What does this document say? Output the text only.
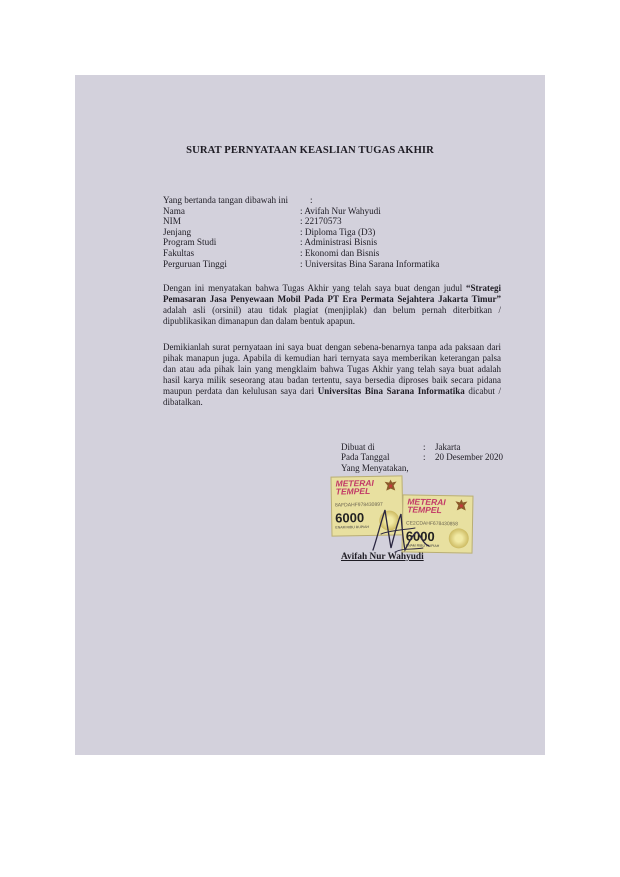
SURAT PERNYATAAN KEASLIAN TUGAS AKHIR
Yang bertanda tangan dibawah ini	:
Nama	: Avifah Nur Wahyudi
NIM	: 22170573
Jenjang	: Diploma Tiga (D3)
Program Studi	: Administrasi Bisnis
Fakultas	: Ekonomi dan Bisnis
Perguruan Tinggi	: Universitas Bina Sarana Informatika
Dengan ini menyatakan bahwa Tugas Akhir yang telah saya buat dengan judul “Strategi Pemasaran Jasa Penyewaan Mobil Pada PT Era Permata Sejahtera Jakarta Timur” adalah asli (orsinil) atau tidak plagiat (menjiplak) dan belum pernah diterbitkan / dipublikasikan dimanapun dan dalam bentuk apapun.
Demikianlah surat pernyataan ini saya buat dengan sebena-benarnya tanpa ada paksaan dari pihak manapun juga. Apabila di kemudian hari ternyata saya memberikan keterangan palsa dan atau ada pihak lain yang mengklaim bahwa Tugas Akhir yang telah saya buat adalah hasil karya milik seseorang atau badan tertentu, saya bersedia diproses baik secara pidana maupun perdata dan kelulusan saya dari Universitas Bina Sarana Informatika dicabut / dibatalkan.
Dibuat di	:	Jakarta
Pada Tanggal	:	20 Desember 2020
Yang Menyatakan,
METERAI
TEMPEL
8AFDAHF978430897
6000
ENAM RIBU RUPIAH
METERAI
TEMPEL
CE2CDAHF678430858
6000
ENAM RIBU RUPIAH
Avifah Nur Wahyudi
